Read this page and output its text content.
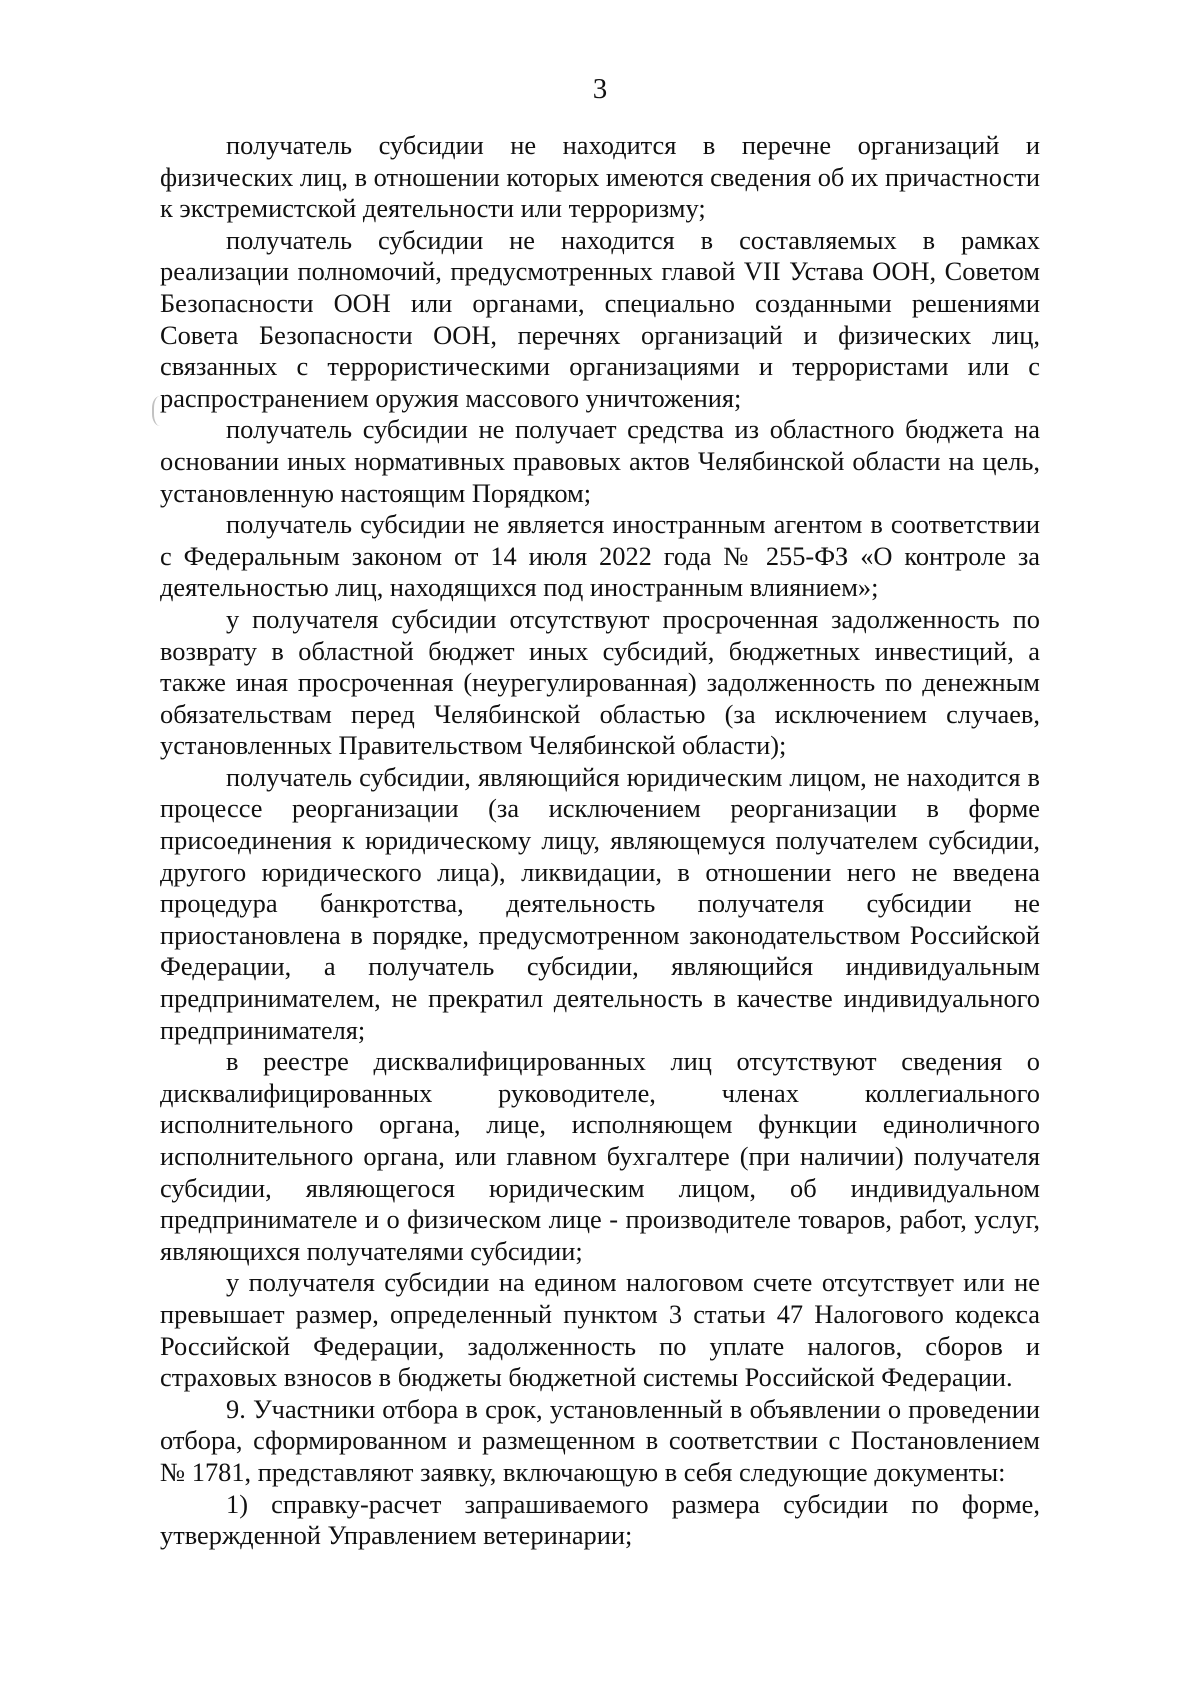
3

получатель субсидии не находится в перечне организаций и физических лиц, в отношении которых имеются сведения об их причастности к экстремистской деятельности или терроризму;

получатель субсидии не находится в составляемых в рамках реализации полномочий, предусмотренных главой VII Устава ООН, Советом Безопасности ООН или органами, специально созданными решениями Совета Безопасности ООН, перечнях организаций и физических лиц, связанных с террористическими организациями и террористами или с распространением оружия массового уничтожения;

получатель субсидии не получает средства из областного бюджета на основании иных нормативных правовых актов Челябинской области на цель, установленную настоящим Порядком;

получатель субсидии не является иностранным агентом в соответствии с Федеральным законом от 14 июля 2022 года № 255-ФЗ «О контроле за деятельностью лиц, находящихся под иностранным влиянием»;

у получателя субсидии отсутствуют просроченная задолженность по возврату в областной бюджет иных субсидий, бюджетных инвестиций, а также иная просроченная (неурегулированная) задолженность по денежным обязательствам перед Челябинской областью (за исключением случаев, установленных Правительством Челябинской области);

получатель субсидии, являющийся юридическим лицом, не находится в процессе реорганизации (за исключением реорганизации в форме присоединения к юридическому лицу, являющемуся получателем субсидии, другого юридического лица), ликвидации, в отношении него не введена процедура банкротства, деятельность получателя субсидии не приостановлена в порядке, предусмотренном законодательством Российской Федерации, а получатель субсидии, являющийся индивидуальным предпринимателем, не прекратил деятельность в качестве индивидуального предпринимателя;

в реестре дисквалифицированных лиц отсутствуют сведения о дисквалифицированных руководителе, членах коллегиального исполнительного органа, лице, исполняющем функции единоличного исполнительного органа, или главном бухгалтере (при наличии) получателя субсидии, являющегося юридическим лицом, об индивидуальном предпринимателе и о физическом лице - производителе товаров, работ, услуг, являющихся получателями субсидии;

у получателя субсидии на едином налоговом счете отсутствует или не превышает размер, определенный пунктом 3 статьи 47 Налогового кодекса Российской Федерации, задолженность по уплате налогов, сборов и страховых взносов в бюджеты бюджетной системы Российской Федерации.

9. Участники отбора в срок, установленный в объявлении о проведении отбора, сформированном и размещенном в соответствии с Постановлением № 1781, представляют заявку, включающую в себя следующие документы:

1) справку-расчет запрашиваемого размера субсидии по форме, утвержденной Управлением ветеринарии;
